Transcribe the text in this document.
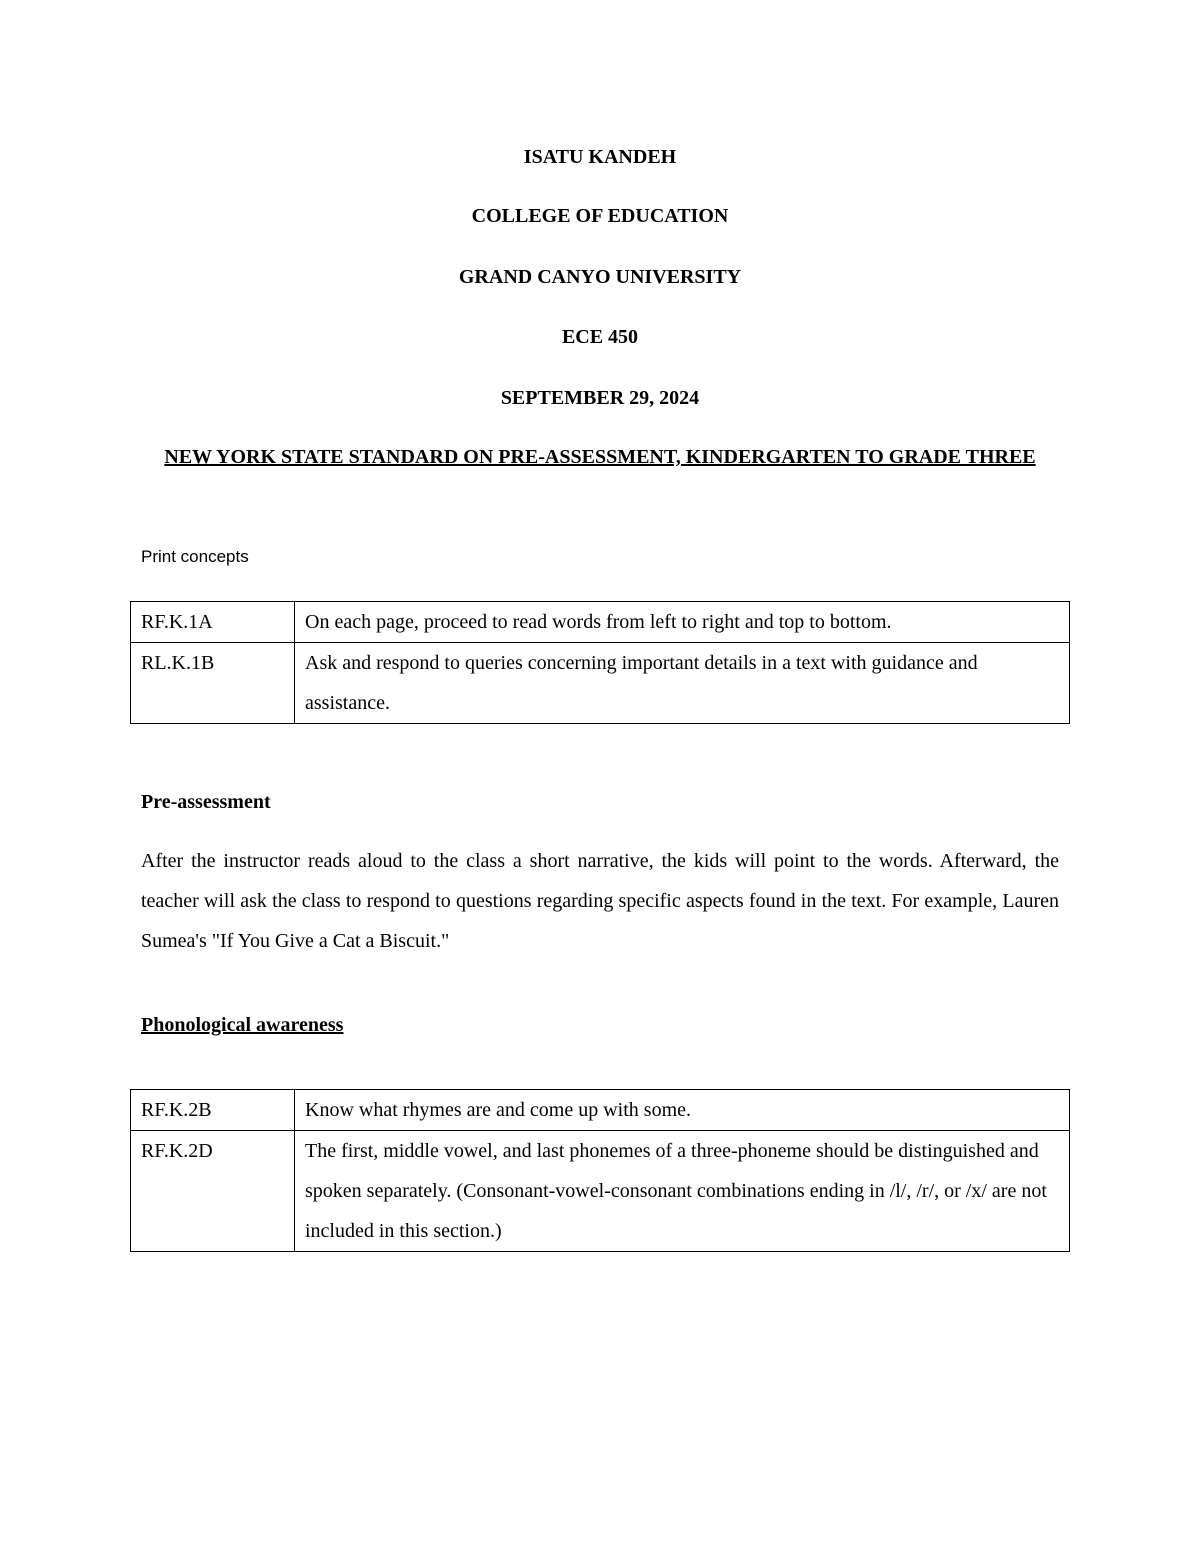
ISATU KANDEH
COLLEGE OF EDUCATION
GRAND CANYO UNIVERSITY
ECE 450
SEPTEMBER 29, 2024
NEW YORK STATE STANDARD ON PRE-ASSESSMENT, KINDERGARTEN TO GRADE THREE
Print concepts
RF.K.1A	On each page, proceed to read words from left to right and top to bottom.
RL.K.1B	Ask and respond to queries concerning important details in a text with guidance and assistance.
Pre-assessment
After the instructor reads aloud to the class a short narrative, the kids will point to the words. Afterward, the teacher will ask the class to respond to questions regarding specific aspects found in the text. For example, Lauren Sumea's "If You Give a Cat a Biscuit."
Phonological awareness
RF.K.2B	Know what rhymes are and come up with some.
RF.K.2D	The first, middle vowel, and last phonemes of a three-phoneme should be distinguished and spoken separately. (Consonant-vowel-consonant combinations ending in /l/, /r/, or /x/ are not included in this section.)
